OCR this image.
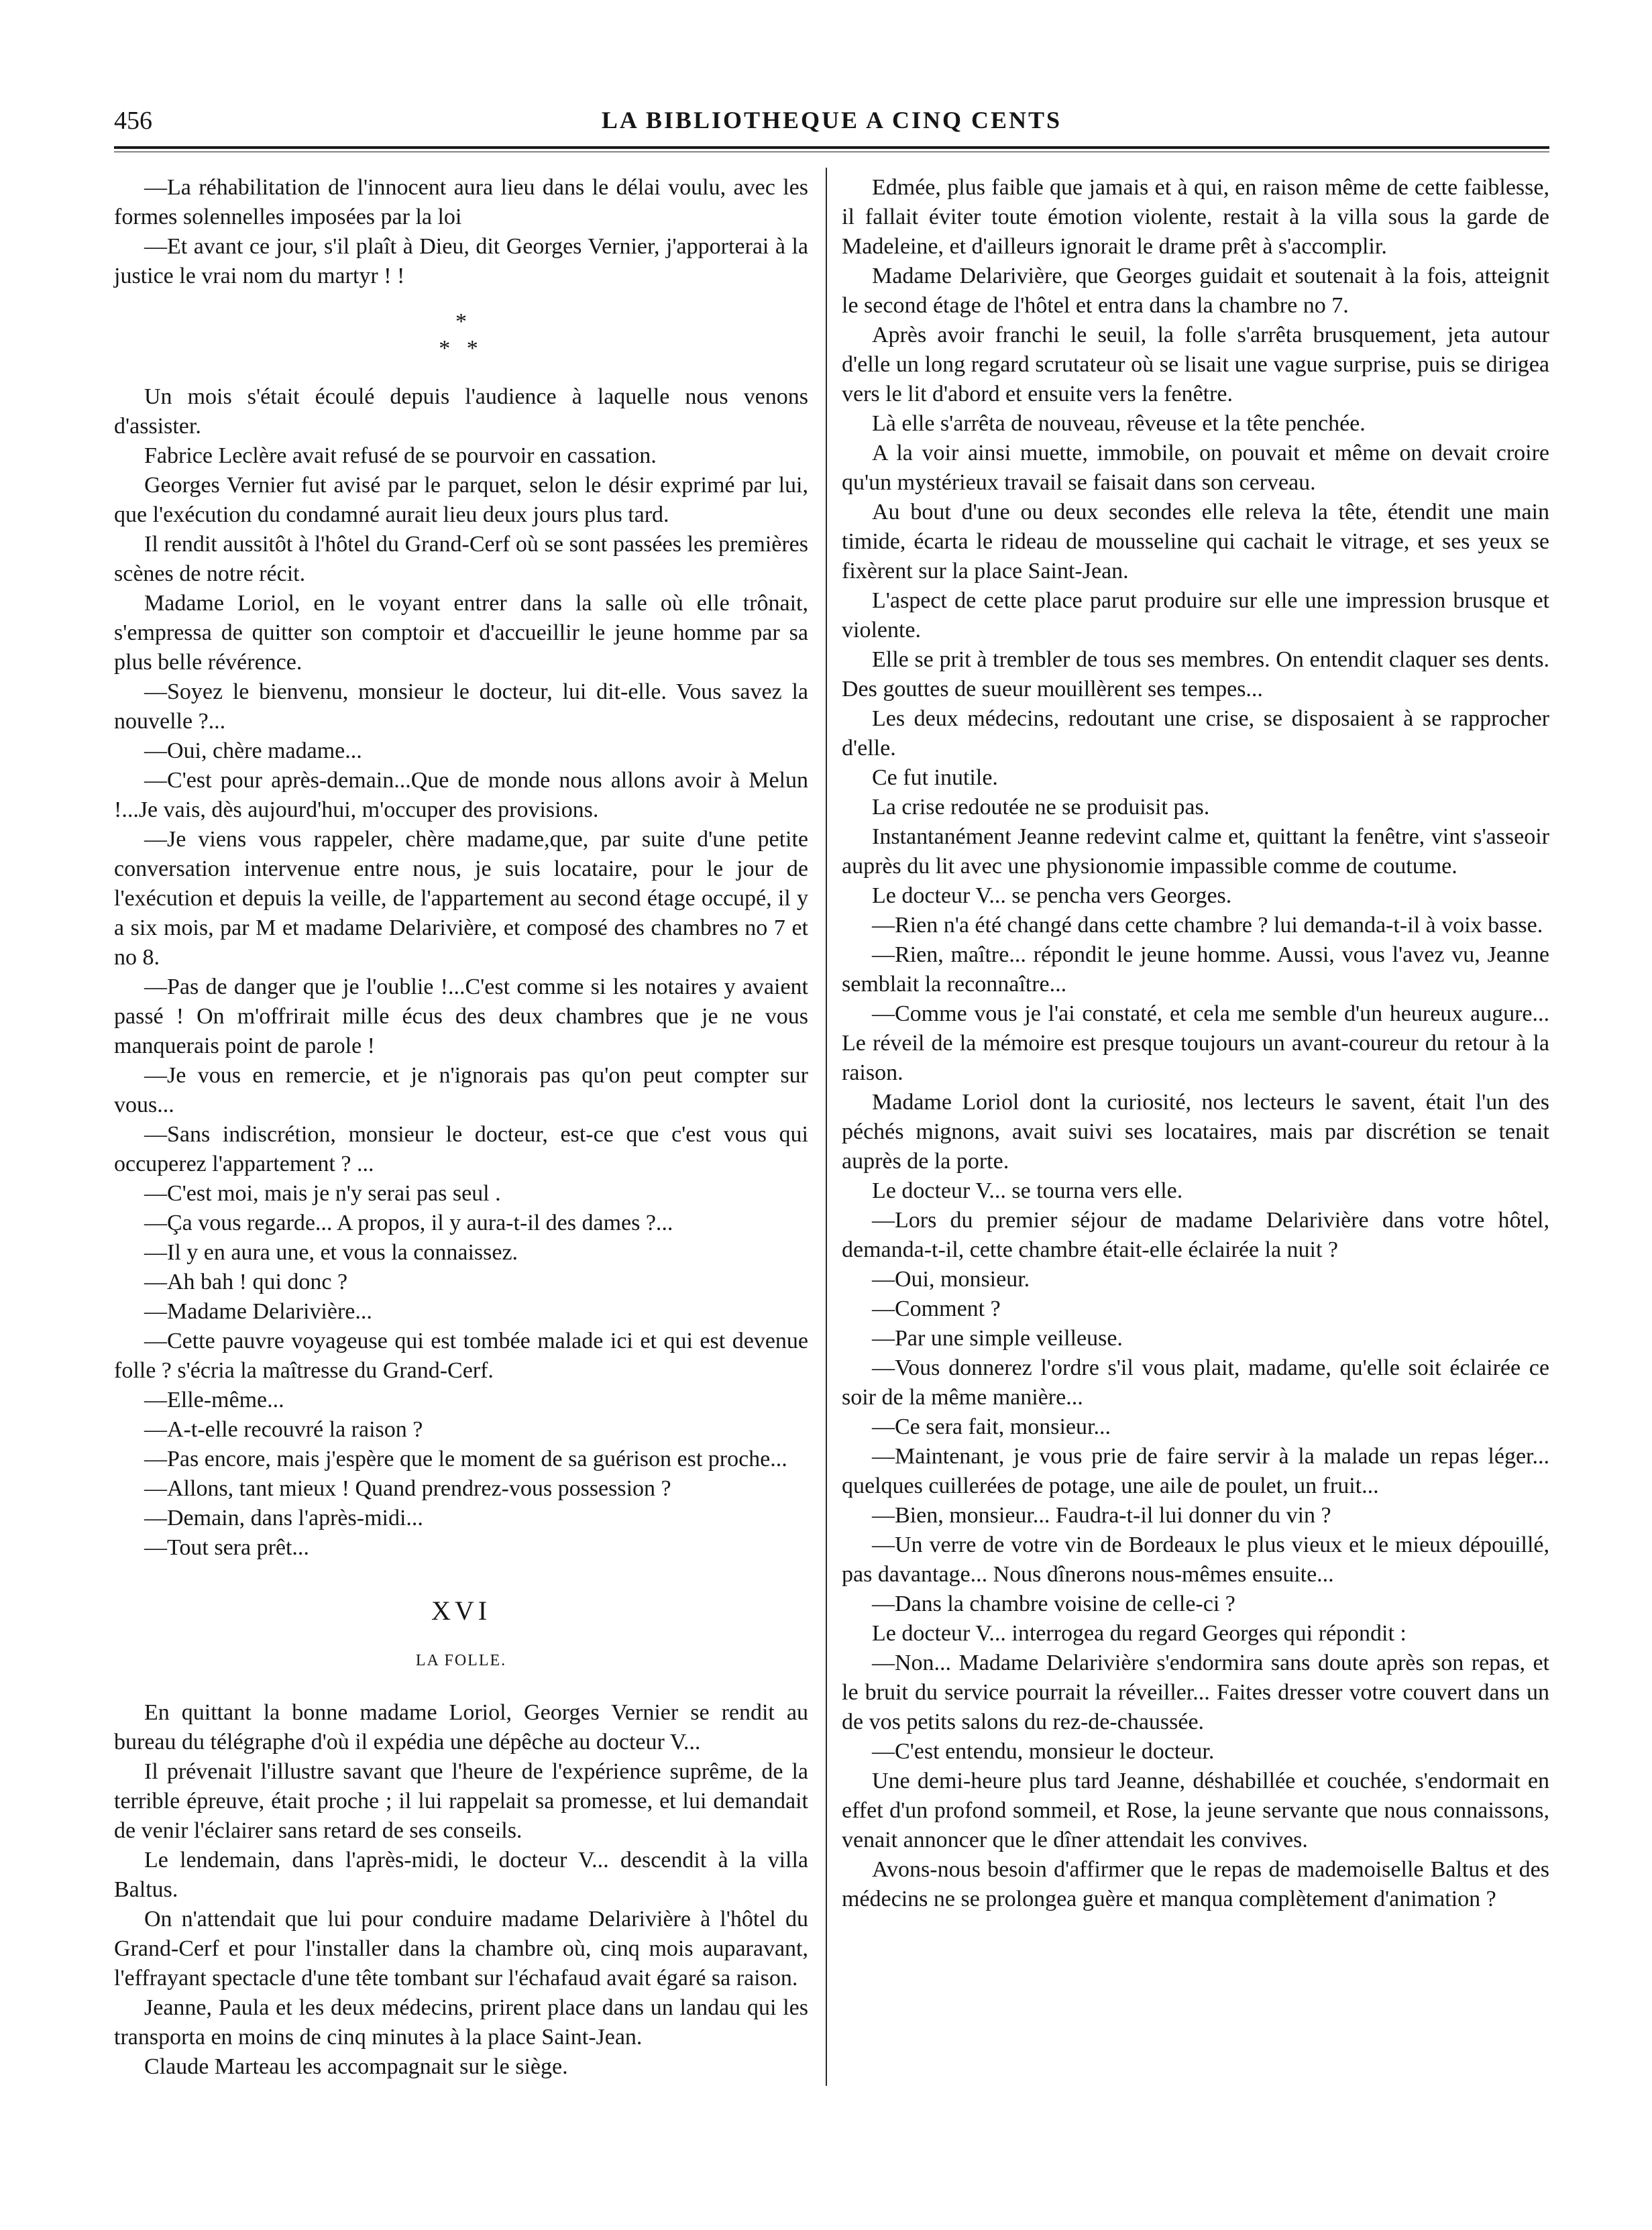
456	LA BIBLIOTHEQUE A CINQ CENTS

—La réhabilitation de l'innocent aura lieu dans le délai voulu, avec les formes solennelles imposées par la loi

—Et avant ce jour, s'il plaît à Dieu, dit Georges Vernier, j'apporterai à la justice le vrai nom du martyr ! !

*
* *

Un mois s'était écoulé depuis l'audience à laquelle nous venons d'assister.

Fabrice Leclère avait refusé de se pourvoir en cassation.

Georges Vernier fut avisé par le parquet, selon le désir exprimé par lui, que l'exécution du condamné aurait lieu deux jours plus tard.

Il rendit aussitôt à l'hôtel du Grand-Cerf où se sont passées les premières scènes de notre récit.

Madame Loriol, en le voyant entrer dans la salle où elle trônait, s'empressa de quitter son comptoir et d'accueillir le jeune homme par sa plus belle révérence.

—Soyez le bienvenu, monsieur le docteur, lui dit-elle. Vous savez la nouvelle ?...

—Oui, chère madame...

—C'est pour après-demain...Que de monde nous allons avoir à Melun !...Je vais, dès aujourd'hui, m'occuper des provisions.

—Je viens vous rappeler, chère madame,que, par suite d'une petite conversation intervenue entre nous, je suis locataire, pour le jour de l'exécution et depuis la veille, de l'appartement au second étage occupé, il y a six mois, par M et madame Delarivière, et composé des chambres no 7 et no 8.

—Pas de danger que je l'oublie !...C'est comme si les notaires y avaient passé ! On m'offrirait mille écus des deux chambres que je ne vous manquerais point de parole !

—Je vous en remercie, et je n'ignorais pas qu'on peut compter sur vous...

—Sans indiscrétion, monsieur le docteur, est-ce que c'est vous qui occuperez l'appartement ? ...

—C'est moi, mais je n'y serai pas seul .

—Ça vous regarde... A propos, il y aura-t-il des dames ?...

—Il y en aura une, et vous la connaissez.

—Ah bah ! qui donc ?

—Madame Delarivière...

—Cette pauvre voyageuse qui est tombée malade ici et qui est devenue folle ? s'écria la maîtresse du Grand-Cerf.

—Elle-même...

—A-t-elle recouvré la raison ?

—Pas encore, mais j'espère que le moment de sa guérison est proche...

—Allons, tant mieux ! Quand prendrez-vous possession ?

—Demain, dans l'après-midi...

—Tout sera prêt...

XVI
LA FOLLE.

En quittant la bonne madame Loriol, Georges Vernier se rendit au bureau du télégraphe d'où il expédia une dépêche au docteur V...

Il prévenait l'illustre savant que l'heure de l'expérience suprême, de la terrible épreuve, était proche ; il lui rappelait sa promesse, et lui demandait de venir l'éclairer sans retard de ses conseils.

Le lendemain, dans l'après-midi, le docteur V... descendit à la villa Baltus.

On n'attendait que lui pour conduire madame Delarivière à l'hôtel du Grand-Cerf et pour l'installer dans la chambre où, cinq mois auparavant, l'effrayant spectacle d'une tête tombant sur l'échafaud avait égaré sa raison.

Jeanne, Paula et les deux médecins, prirent place dans un landau qui les transporta en moins de cinq minutes à la place Saint-Jean.

Claude Marteau les accompagnait sur le siège.

Edmée, plus faible que jamais et à qui, en raison même de cette faiblesse, il fallait éviter toute émotion violente, restait à la villa sous la garde de Madeleine, et d'ailleurs ignorait le drame prêt à s'accomplir.

Madame Delarivière, que Georges guidait et soutenait à la fois, atteignit le second étage de l'hôtel et entra dans la chambre no 7.

Après avoir franchi le seuil, la folle s'arrêta brusquement, jeta autour d'elle un long regard scrutateur où se lisait une vague surprise, puis se dirigea vers le lit d'abord et ensuite vers la fenêtre.

Là elle s'arrêta de nouveau, rêveuse et la tête penchée.

A la voir ainsi muette, immobile, on pouvait et même on devait croire qu'un mystérieux travail se faisait dans son cerveau.

Au bout d'une ou deux secondes elle releva la tête, étendit une main timide, écarta le rideau de mousseline qui cachait le vitrage, et ses yeux se fixèrent sur la place Saint-Jean.

L'aspect de cette place parut produire sur elle une impression brusque et violente.

Elle se prit à trembler de tous ses membres. On entendit claquer ses dents. Des gouttes de sueur mouillèrent ses tempes...

Les deux médecins, redoutant une crise, se disposaient à se rapprocher d'elle.

Ce fut inutile.

La crise redoutée ne se produisit pas.

Instantanément Jeanne redevint calme et, quittant la fenêtre, vint s'asseoir auprès du lit avec une physionomie impassible comme de coutume.

Le docteur V... se pencha vers Georges.

—Rien n'a été changé dans cette chambre ? lui demanda-t-il à voix basse.

—Rien, maître... répondit le jeune homme. Aussi, vous l'avez vu, Jeanne semblait la reconnaître...

—Comme vous je l'ai constaté, et cela me semble d'un heureux augure... Le réveil de la mémoire est presque toujours un avant-coureur du retour à la raison.

Madame Loriol dont la curiosité, nos lecteurs le savent, était l'un des péchés mignons, avait suivi ses locataires, mais par discrétion se tenait auprès de la porte.

Le docteur V... se tourna vers elle.

—Lors du premier séjour de madame Delarivière dans votre hôtel, demanda-t-il, cette chambre était-elle éclairée la nuit ?

—Oui, monsieur.

—Comment ?

—Par une simple veilleuse.

—Vous donnerez l'ordre s'il vous plait, madame, qu'elle soit éclairée ce soir de la même manière...

—Ce sera fait, monsieur...

—Maintenant, je vous prie de faire servir à la malade un repas léger... quelques cuillerées de potage, une aile de poulet, un fruit...

—Bien, monsieur... Faudra-t-il lui donner du vin ?

—Un verre de votre vin de Bordeaux le plus vieux et le mieux dépouillé, pas davantage... Nous dînerons nous-mêmes ensuite...

—Dans la chambre voisine de celle-ci ?

Le docteur V... interrogea du regard Georges qui répondit :

—Non... Madame Delarivière s'endormira sans doute après son repas, et le bruit du service pourrait la réveiller... Faites dresser votre couvert dans un de vos petits salons du rez-de-chaussée.

—C'est entendu, monsieur le docteur.

Une demi-heure plus tard Jeanne, déshabillée et couchée, s'endormait en effet d'un profond sommeil, et Rose, la jeune servante que nous connaissons, venait annoncer que le dîner attendait les convives.

Avons-nous besoin d'affirmer que le repas de mademoiselle Baltus et des médecins ne se prolongea guère et manqua complètement d'animation ?
